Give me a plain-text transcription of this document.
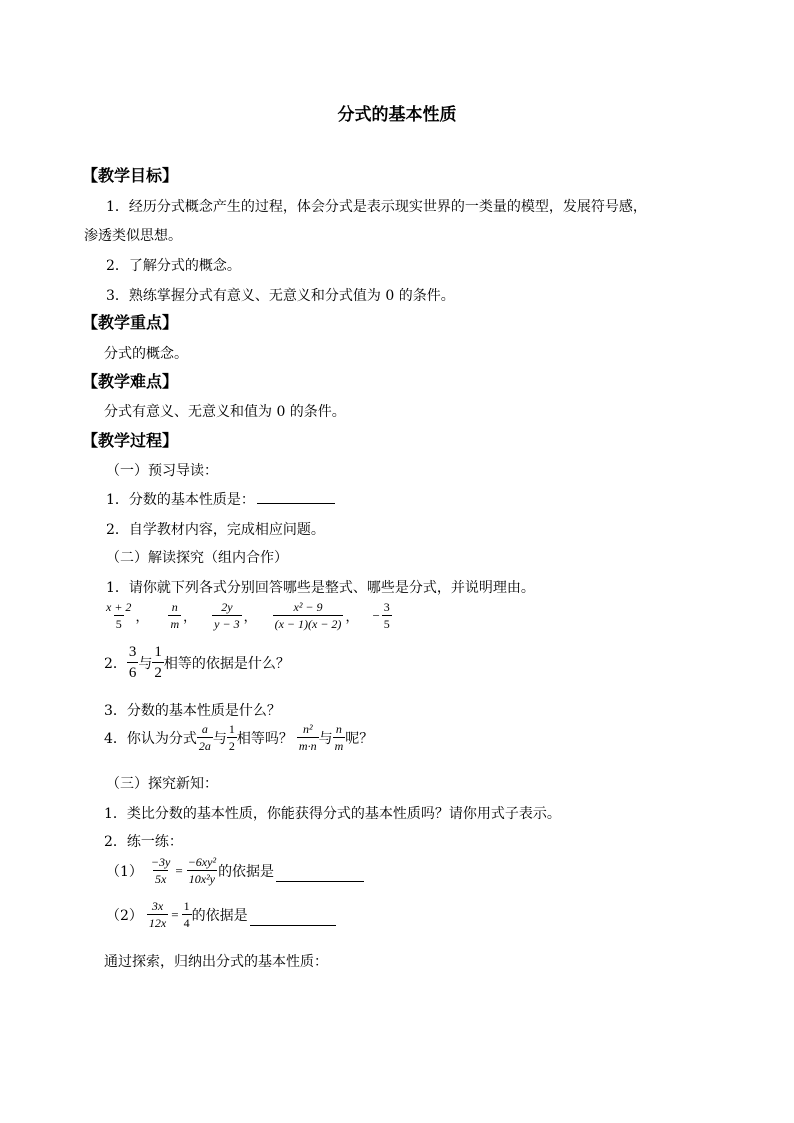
分式的基本性质
【教学目标】
1．经历分式概念产生的过程，体会分式是表示现实世界的一类量的模型，发展符号感，
渗透类似思想。
2．了解分式的概念。
3．熟练掌握分式有意义、无意义和分式值为 0 的条件。
【教学重点】
分式的概念。
【教学难点】
分式有意义、无意义和值为 0 的条件。
【教学过程】
（一）预习导读：
1．分数的基本性质是：
2．自学教材内容，完成相应问题。
（二）解读探究（组内合作）
1．请你就下列各式分别回答哪些是整式、哪些是分式，并说明理由。
$\frac{x + 2}{5}$ ， $\frac{n}{m}$ ， $\frac{2y}{y - 3}$ ， $\frac{\text{x² − 9}}{(x - 1)(x - 2)}$ ， − $\frac{3}{5}$
2． $\frac{3}{6}$ 与 $\frac{1}{2}$ 相等的依据是什么？
3．分数的基本性质是什么？
4．你认为分式 $\frac{a}{2a}$ 与 $\frac{1}{2}$ 相等吗？ $\frac{\text{n²}}{m\cdot n}$ 与 $\frac{n}{m}$ 呢？
（三）探究新知：
1．类比分数的基本性质，你能获得分式的基本性质吗？请你用式子表示。
2．练一练：
$(1) \frac{-3y}{5x} = \frac{\text{−6xy²}}{\text{10x²y}}$ 的依据是
$(2) \frac{3x}{12x} = \frac{1}{4}$ 的依据是
通过探索，归纳出分式的基本性质：
